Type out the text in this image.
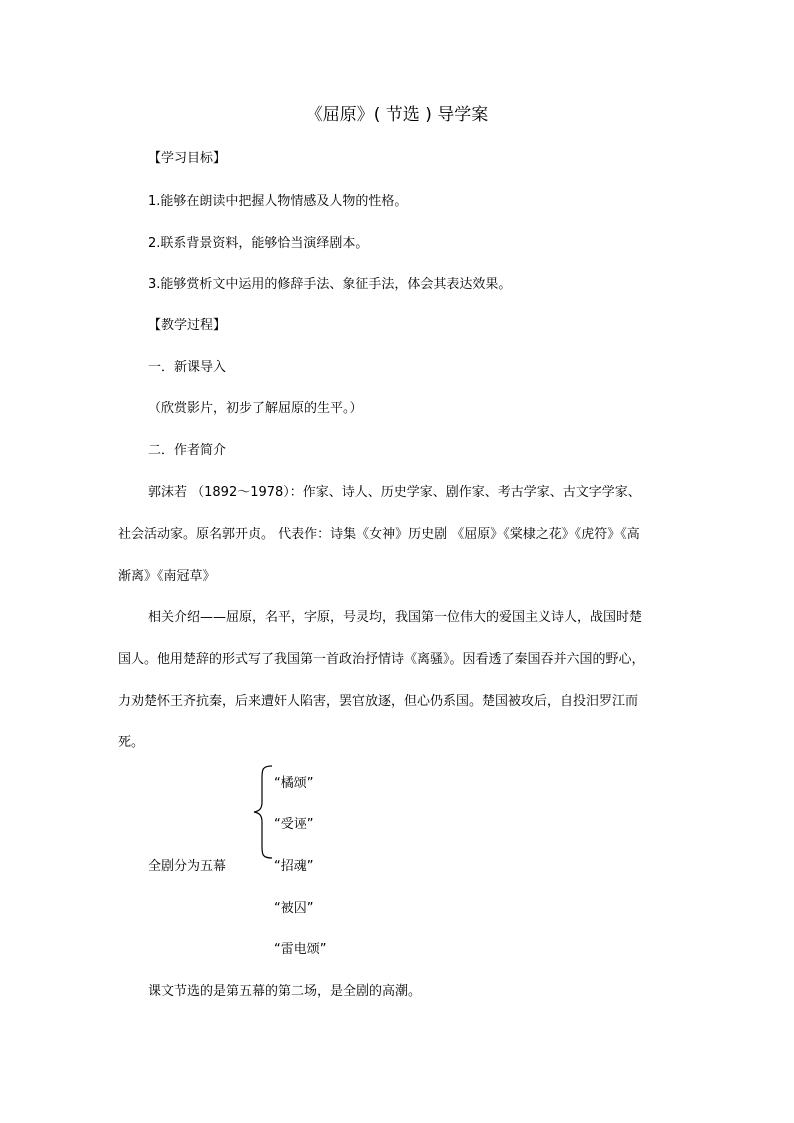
《屈原》( 节选 ) 导学案
【学习目标】
1.能够在朗读中把握人物情感及人物的性格。
2.联系背景资料，能够恰当演绎剧本。
3.能够赏析文中运用的修辞手法、象征手法，体会其表达效果。
【教学过程】
一．新课导入
（欣赏影片，初步了解屈原的生平。）
二．作者简介
郭沫若 （1892～1978）：作家、诗人、历史学家、剧作家、考古学家、古文字学家、
社会活动家。原名郭开贞。 代表作：诗集《女神》历史剧 《屈原》《棠棣之花》《虎符》《高
渐离》《南冠草》
相关介绍——屈原，名平，字原，号灵均，我国第一位伟大的爱国主义诗人，战国时楚
国人。他用楚辞的形式写了我国第一首政治抒情诗《离骚》。因看透了秦国吞并六国的野心，
力劝楚怀王齐抗秦，后来遭奸人陷害，罢官放逐，但心仍系国。楚国被攻后，自投汨罗江而
死。
“橘颂”
“受诬”
全剧分为五幕	“招魂”
“被囚”
“雷电颂”
课文节选的是第五幕的第二场，是全剧的高潮。
